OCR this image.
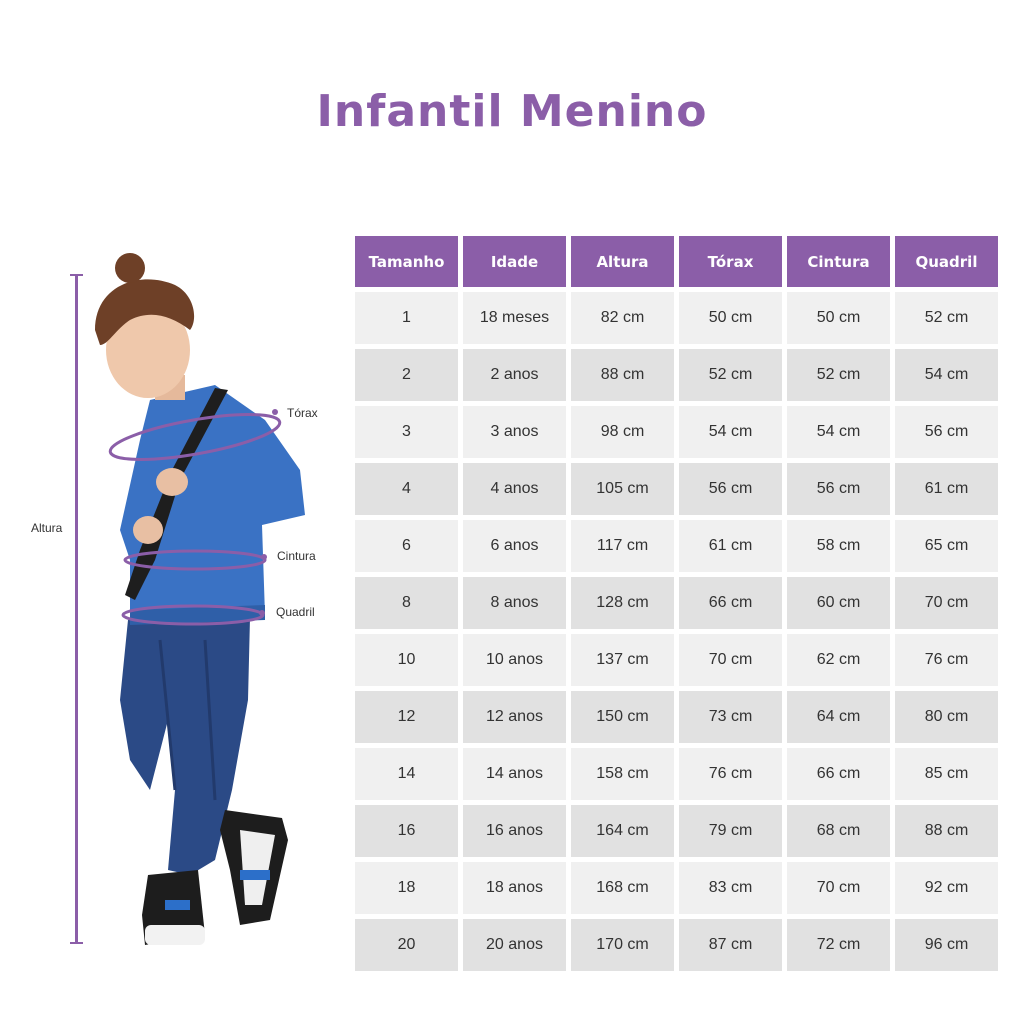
Infantil Menino
Altura
Tórax
Cintura
Quadril
Tamanho	Idade	Altura	Tórax	Cintura	Quadril
1	18 meses	82 cm	50 cm	50 cm	52 cm
2	2 anos	88 cm	52 cm	52 cm	54 cm
3	3 anos	98 cm	54 cm	54 cm	56 cm
4	4 anos	105 cm	56 cm	56 cm	61 cm
6	6 anos	117 cm	61 cm	58 cm	65 cm
8	8 anos	128 cm	66 cm	60 cm	70 cm
10	10 anos	137 cm	70 cm	62 cm	76 cm
12	12 anos	150 cm	73 cm	64 cm	80 cm
14	14 anos	158 cm	76 cm	66 cm	85 cm
16	16 anos	164 cm	79 cm	68 cm	88 cm
18	18 anos	168 cm	83 cm	70 cm	92 cm
20	20 anos	170 cm	87 cm	72 cm	96 cm
